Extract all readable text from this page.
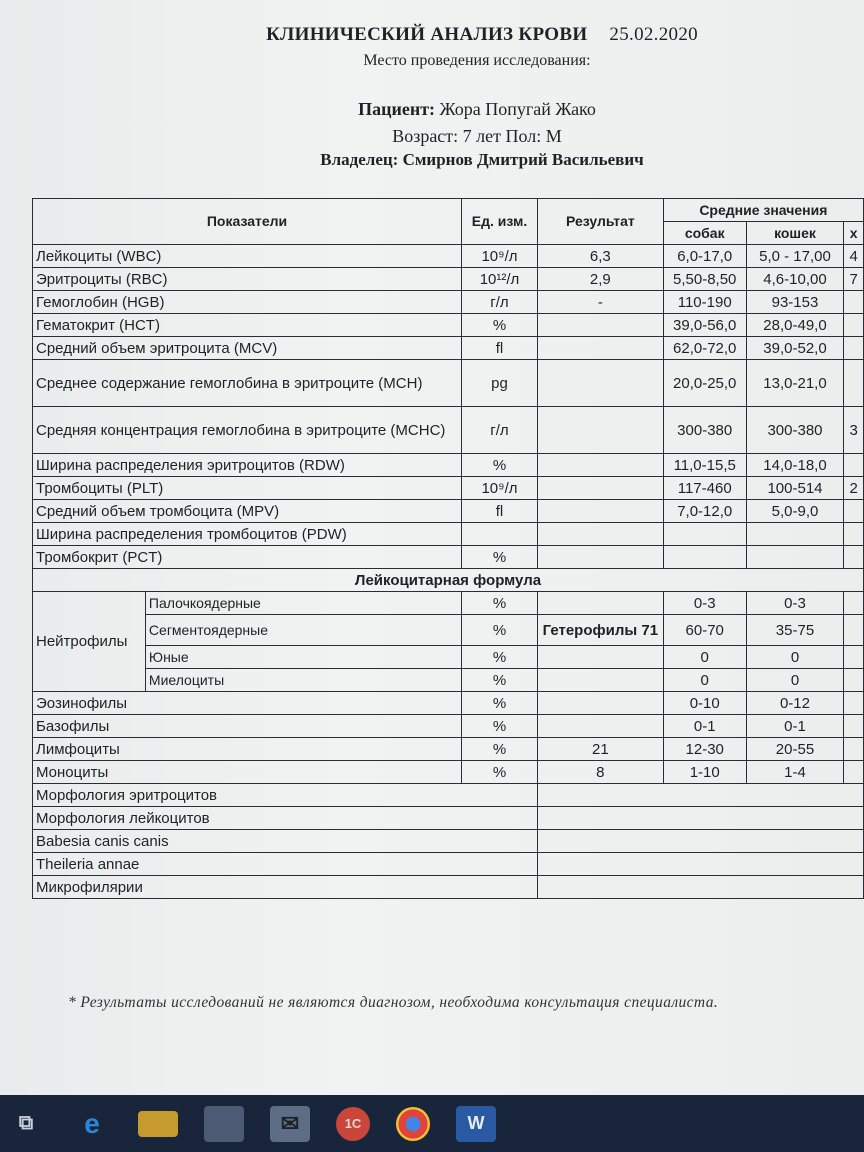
КЛИНИЧЕСКИЙ АНАЛИЗ КРОВИ 25.02.2020
Место проведения исследования:
Пациент: Жора Попугай Жако
Возраст: 7 лет Пол: М
Владелец: Смирнов Дмитрий Васильевич
Показатели		Ед. изм.	Результат	Средние значения		
				собак	кошек	х
Лейкоциты (WBC)		10⁹/л	6,3	6,0-17,0	5,0 - 17,00	4
Эритроциты (RBC)		10¹²/л	2,9	5,50-8,50	4,6-10,00	7
Гемоглобин (HGB)		г/л	-	110-190	93-153	
Гематокрит (HCT)		%		39,0-56,0	28,0-49,0	
Средний объем эритроцита (MCV)		fl		62,0-72,0	39,0-52,0	
Среднее содержание гемоглобина в эритроците (MCH)		pg		20,0-25,0	13,0-21,0	
Средняя концентрация гемоглобина в эритроците (MCHC)		г/л		300-380	300-380	3
Ширина распределения эритроцитов (RDW)		%		11,0-15,5	14,0-18,0	
Тромбоциты (PLT)		10⁹/л		117-460	100-514	2
Средний объем тромбоцита (MPV)		fl		7,0-12,0	5,0-9,0	
Ширина распределения тромбоцитов (PDW)						
Тромбокрит (PCT)		%				
Лейкоцитарная формула						
Нейтрофилы	Палочкоядерные	%		0-3	0-3	
	Сегментоядерные	%	Гетерофилы 71	60-70	35-75	
	Юные	%		0	0	
	Миелоциты	%		0	0	
Эозинофилы		%		0-10	0-12	
Базофилы		%		0-1	0-1	
Лимфоциты		%	21	12-30	20-55	
Моноциты		%	8	1-10	1-4	
Морфология эритроцитов						
Морфология лейкоцитов						
Babesia canis canis						
Theileria annae						
Микрофилярии						
* Результаты исследований не являются диагнозом, необходима консультация специалиста.
⧉	e	✉	1С	W
